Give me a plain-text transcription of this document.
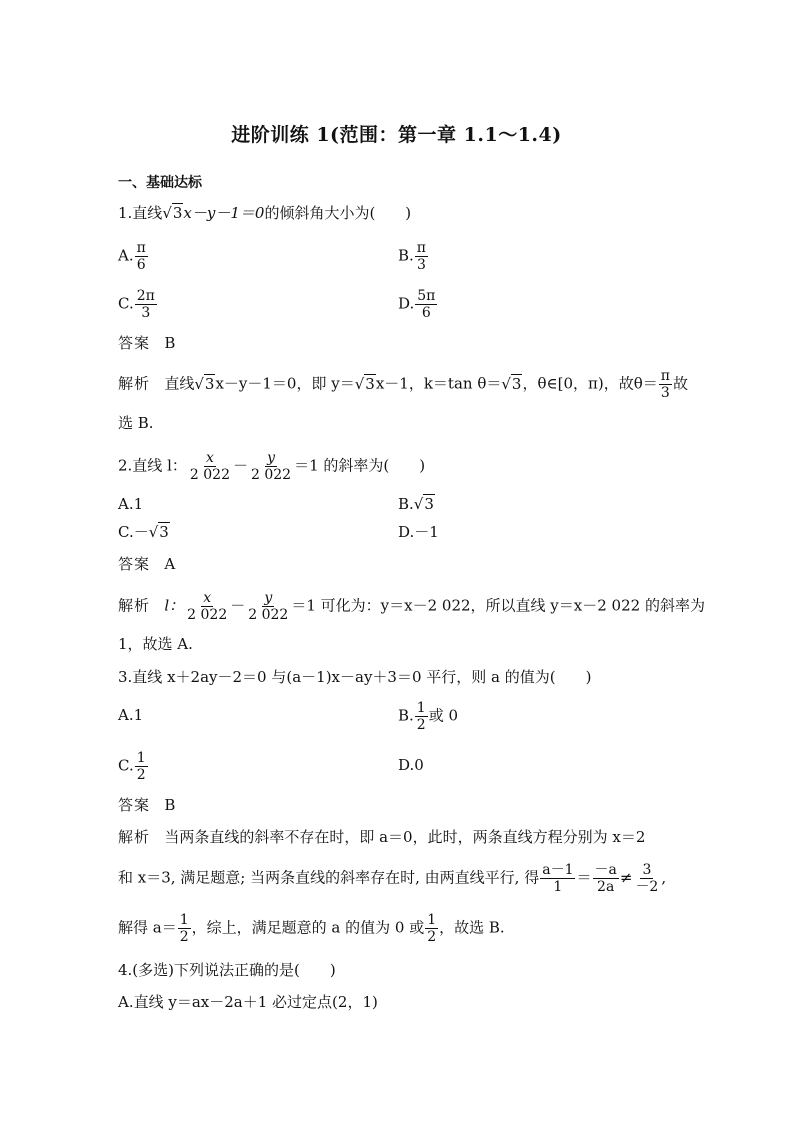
进阶训练 1(范围：第一章 1.1～1.4)
一、基础达标
1.直线√3x－y－1＝0的倾斜角大小为(　　)
A. $\frac{\pi}{6}$	B. $\frac{\pi}{3}$
C. $\frac{2\pi}{3}$	D. $\frac{5\pi}{6}$
答案 B
解析 直线√3x－y－1＝0，即 y＝√3x－1，k＝tan θ＝√3，θ∈[0，π)，故$\theta= \frac{\pi}{3}$ 故
选 B.
2.直线 l： $\frac{x}{2 022} - \frac{y}{2 022} =1$ 的斜率为(　　)
A.1	B.√3
C.－√3	D.－1
答案 A
解析 l： $\frac{x}{2 022} - \frac{y}{2 022} =1$ 可化为：y＝x－2 022，所以直线 y＝x－2 022 的斜率为
1，故选 A.
3.直线 x＋2ay－2＝0 与(a－1)x－ay＋3＝0 平行，则 a 的值为(　　)
A.1	B. $\frac{1}{2}$ 或 0
C. $\frac{1}{2}$	D.0
答案 B
解析 当两条直线的斜率不存在时，即 a＝0，此时，两条直线方程分别为 x＝2
和 x＝3, 满足题意; 当两条直线的斜率存在时, 由两直线平行, 得 $\frac{a-1}{1} = \frac{-a}{2a} \ne \frac{3}{-2}$ ,
解得 $a= \frac{1}{2}$ ，综上，满足题意的 a 的值为 0 或 $\frac{1}{2}$ ，故选 B.
4.(多选)下列说法正确的是(　　)
A.直线 y＝ax－2a＋1 必过定点(2，1)
